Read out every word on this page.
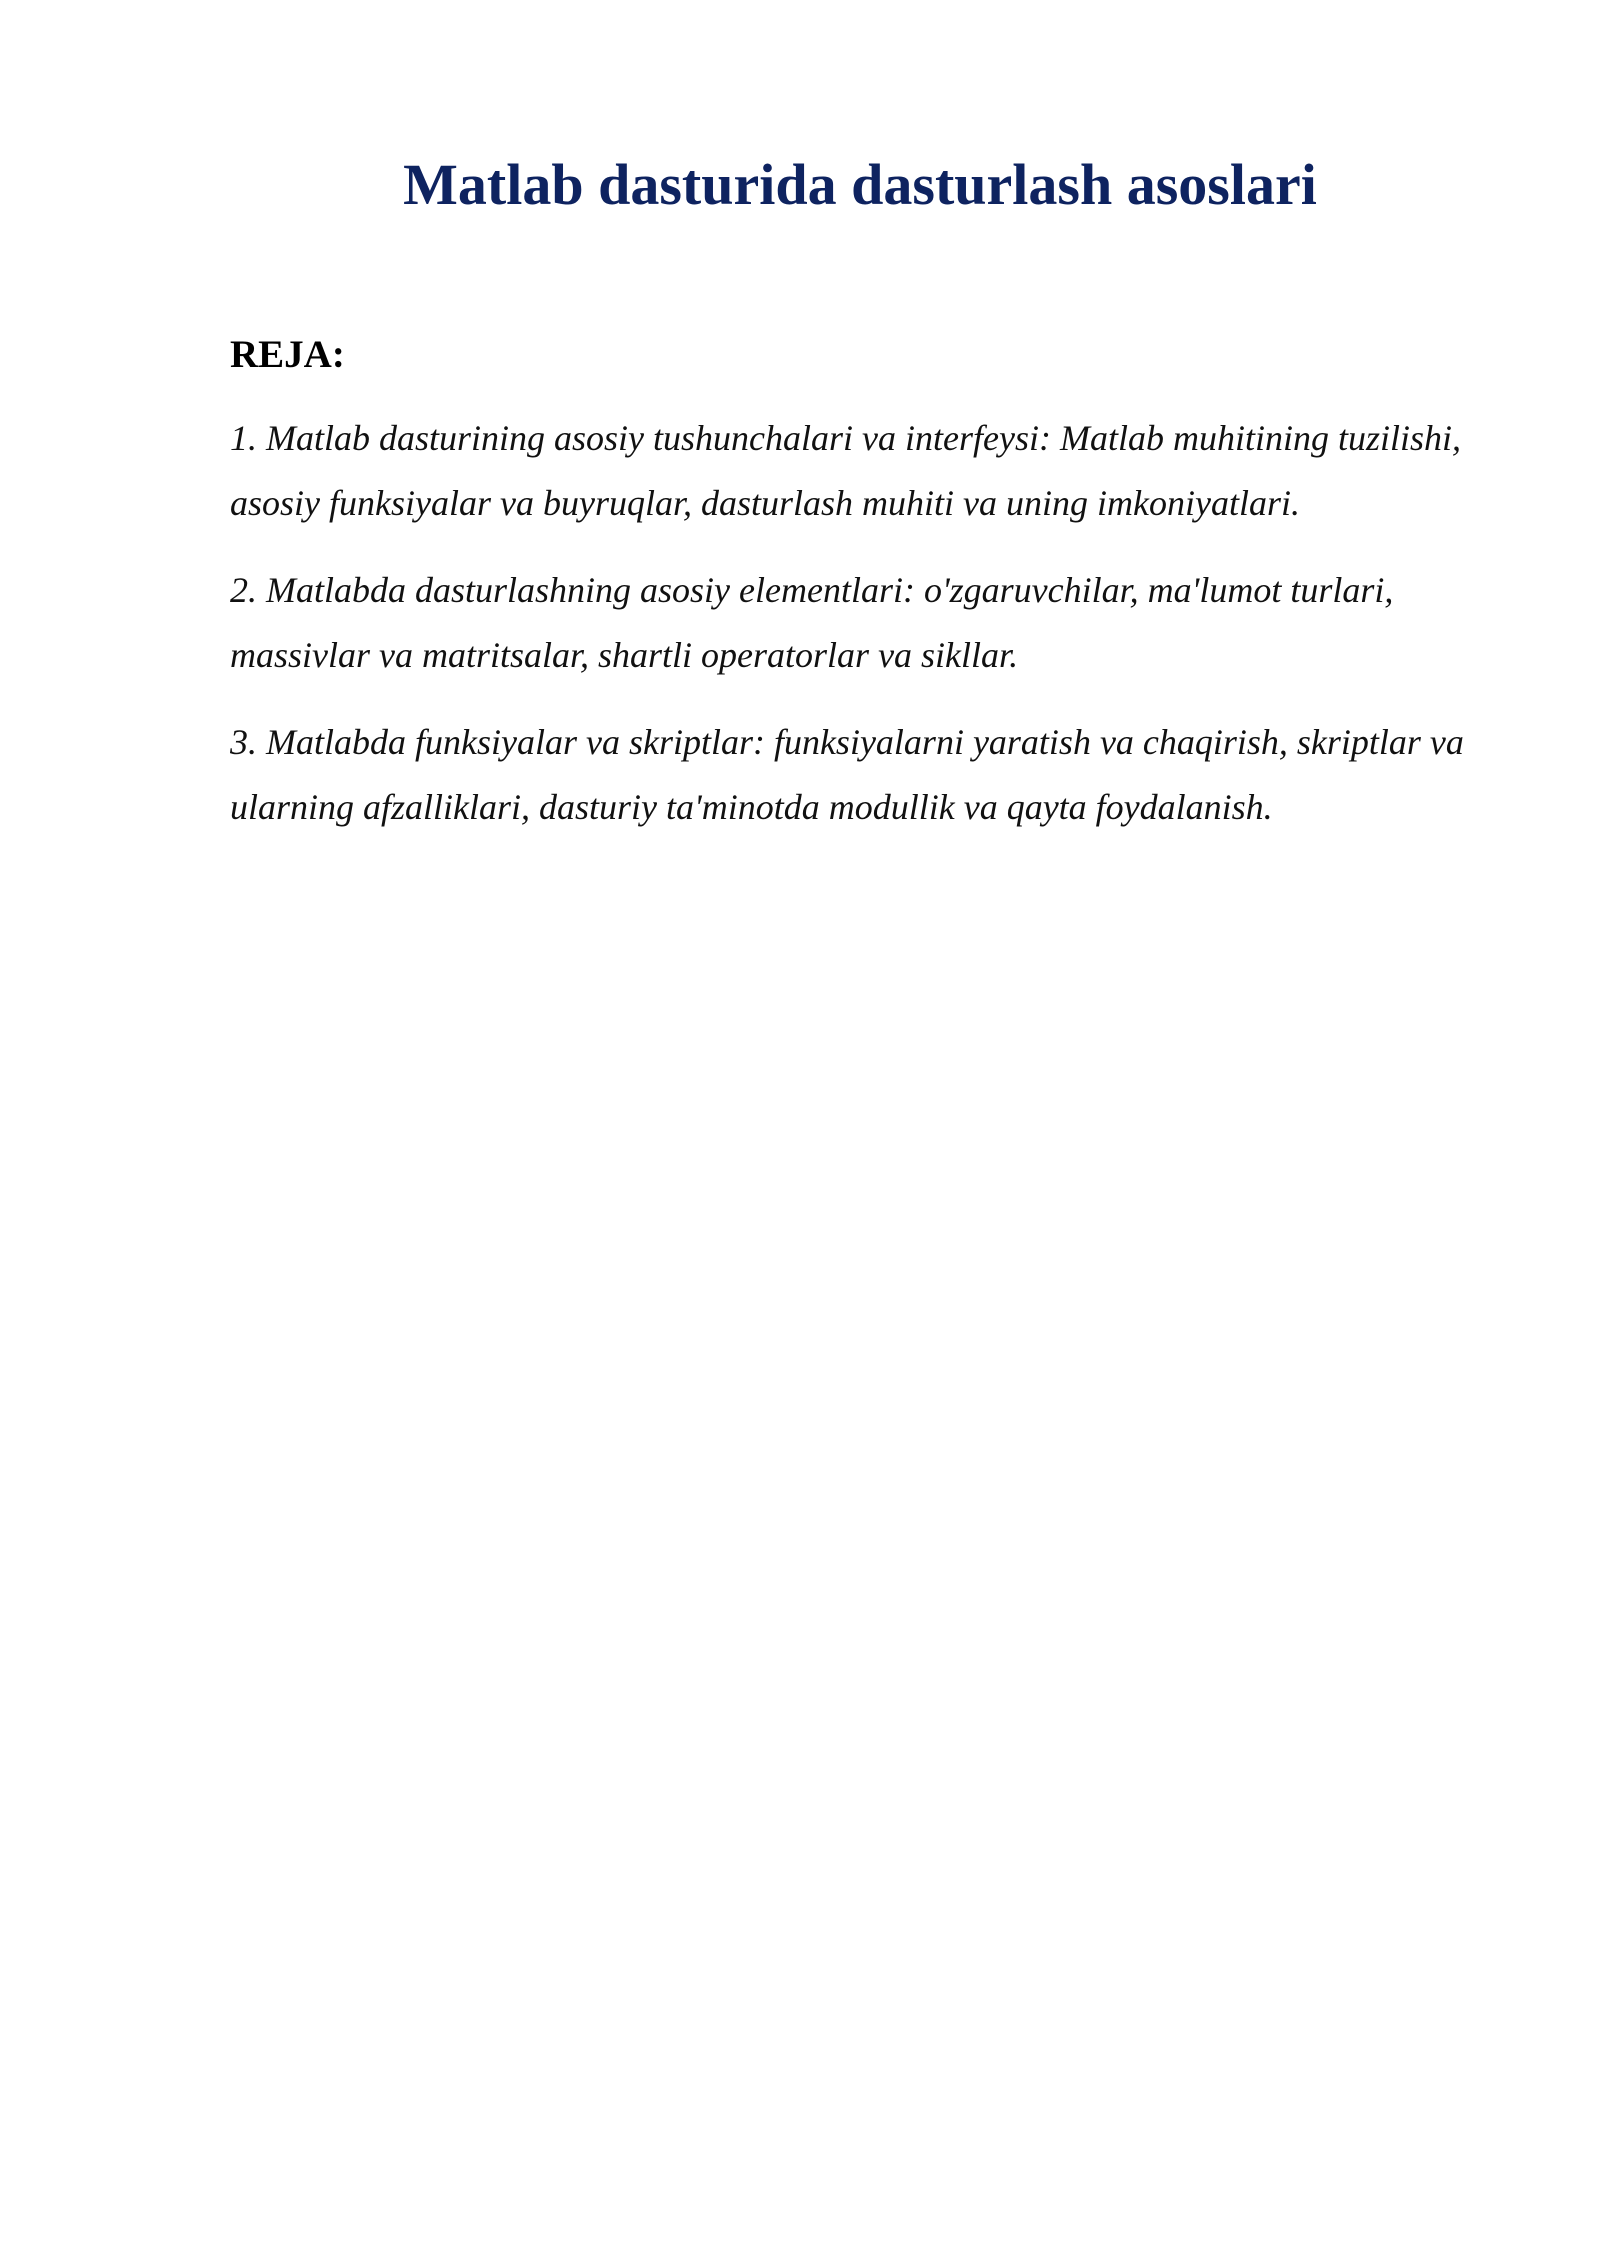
Matlab dasturida dasturlash asoslari
REJA:
1. Matlab dasturining asosiy tushunchalari va interfeysi: Matlab muhitining tuzilishi, asosiy funksiyalar va buyruqlar, dasturlash muhiti va uning imkoniyatlari.
2. Matlabda dasturlashning asosiy elementlari: o'zgaruvchilar, ma'lumot turlari, massivlar va matritsalar, shartli operatorlar va sikllar.
3. Matlabda funksiyalar va skriptlar: funksiyalarni yaratish va chaqirish, skriptlar va ularning afzalliklari, dasturiy ta'minotda modullik va qayta foydalanish.
